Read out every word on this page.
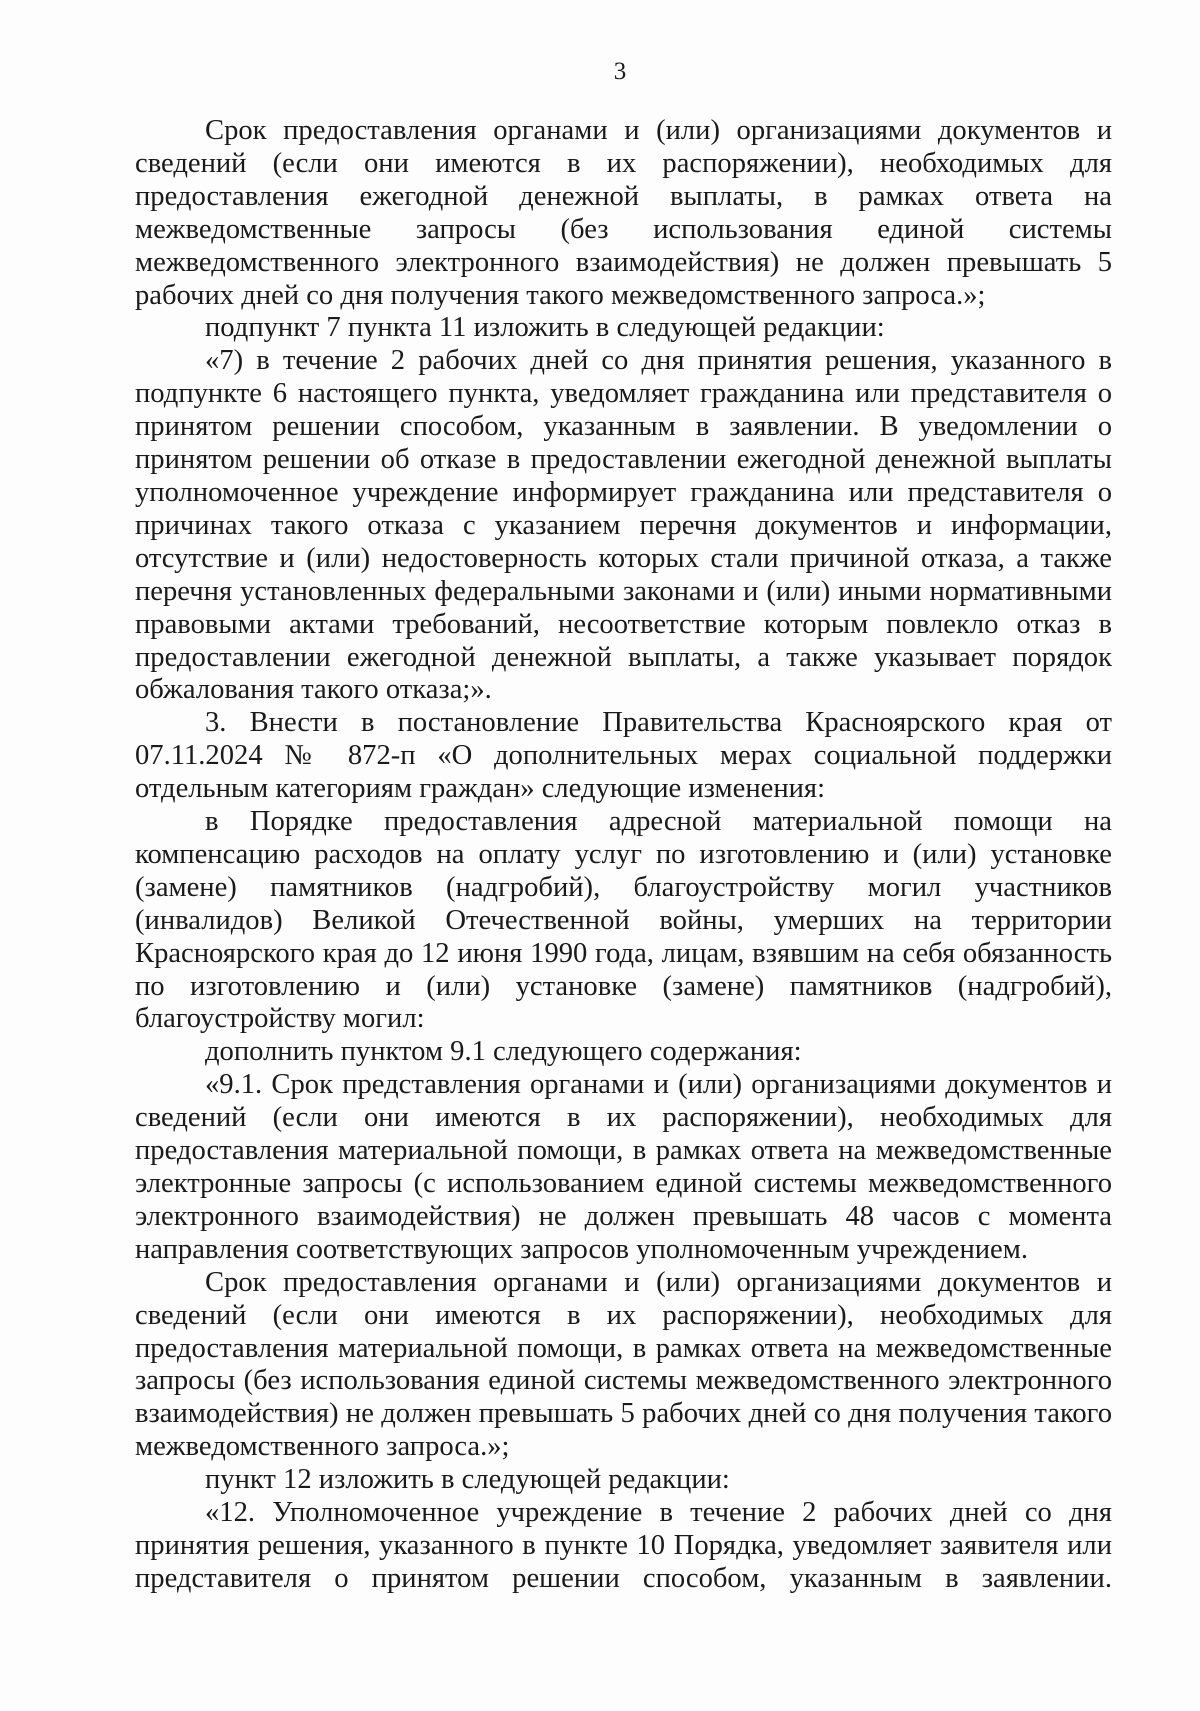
3

Срок предоставления органами и (или) организациями документов и сведений (если они имеются в их распоряжении), необходимых для предоставления ежегодной денежной выплаты, в рамках ответа на межведомственные запросы (без использования единой системы межведомственного электронного взаимодействия) не должен превышать 5 рабочих дней со дня получения такого межведомственного запроса.»;

подпункт 7 пункта 11 изложить в следующей редакции:

«7) в течение 2 рабочих дней со дня принятия решения, указанного в подпункте 6 настоящего пункта, уведомляет гражданина или представителя о принятом решении способом, указанным в заявлении. В уведомлении о принятом решении об отказе в предоставлении ежегодной денежной выплаты уполномоченное учреждение информирует гражданина или представителя о причинах такого отказа с указанием перечня документов и информации, отсутствие и (или) недостоверность которых стали причиной отказа, а также перечня установленных федеральными законами и (или) иными нормативными правовыми актами требований, несоответствие которым повлекло отказ в предоставлении ежегодной денежной выплаты, а также указывает порядок обжалования такого отказа;».

3. Внести в постановление Правительства Красноярского края от 07.11.2024 № 872-п «О дополнительных мерах социальной поддержки отдельным категориям граждан» следующие изменения:

в Порядке предоставления адресной материальной помощи на компенсацию расходов на оплату услуг по изготовлению и (или) установке (замене) памятников (надгробий), благоустройству могил участников (инвалидов) Великой Отечественной войны, умерших на территории Красноярского края до 12 июня 1990 года, лицам, взявшим на себя обязанность по изготовлению и (или) установке (замене) памятников (надгробий), благоустройству могил:

дополнить пунктом 9.1 следующего содержания:

«9.1. Срок представления органами и (или) организациями документов и сведений (если они имеются в их распоряжении), необходимых для предоставления материальной помощи, в рамках ответа на межведомственные электронные запросы (с использованием единой системы межведомственного электронного взаимодействия) не должен превышать 48 часов с момента направления соответствующих запросов уполномоченным учреждением.

Срок предоставления органами и (или) организациями документов и сведений (если они имеются в их распоряжении), необходимых для предоставления материальной помощи, в рамках ответа на межведомственные запросы (без использования единой системы межведомственного электронного взаимодействия) не должен превышать 5 рабочих дней со дня получения такого межведомственного запроса.»;

пункт 12 изложить в следующей редакции:

«12. Уполномоченное учреждение в течение 2 рабочих дней со дня принятия решения, указанного в пункте 10 Порядка, уведомляет заявителя или представителя о принятом решении способом, указанным в заявлении.
